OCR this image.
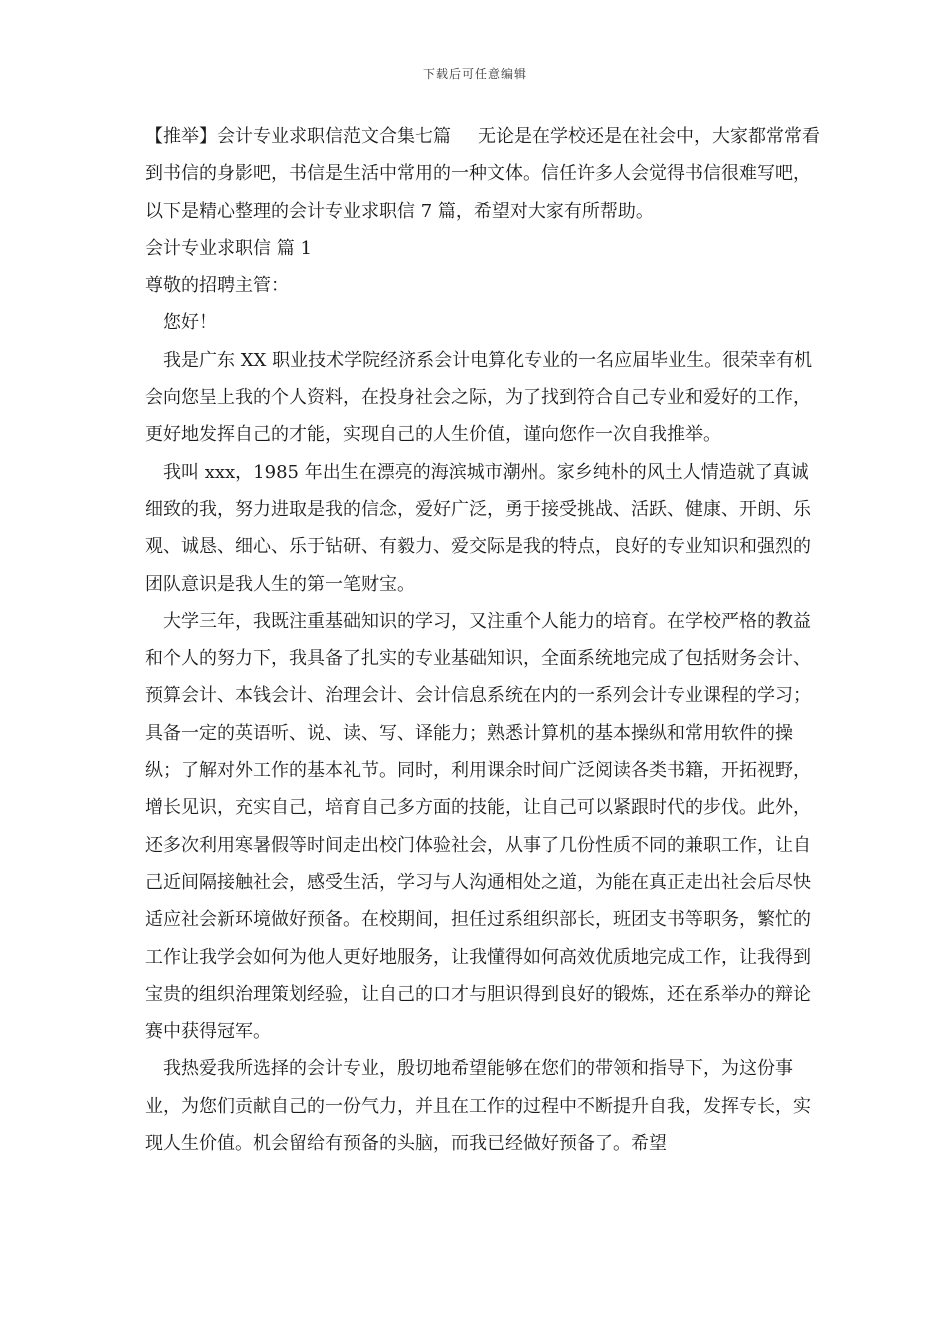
下载后可任意编辑

【推举】会计专业求职信范文合集七篇 无论是在学校还是在社会中，大家都常常看到书信的身影吧，书信是生活中常用的一种文体。信任许多人会觉得书信很难写吧，以下是精心整理的会计专业求职信 7 篇，希望对大家有所帮助。

会计专业求职信 篇 1

尊敬的招聘主管：

您好！

我是广东 XX 职业技术学院经济系会计电算化专业的一名应届毕业生。很荣幸有机会向您呈上我的个人资料，在投身社会之际，为了找到符合自己专业和爱好的工作，更好地发挥自己的才能，实现自己的人生价值，谨向您作一次自我推举。

我叫 xxx，1985 年出生在漂亮的海滨城市潮州。家乡纯朴的风土人情造就了真诚细致的我，努力进取是我的信念，爱好广泛，勇于接受挑战、活跃、健康、开朗、乐观、诚恳、细心、乐于钻研、有毅力、爱交际是我的特点，良好的专业知识和强烈的团队意识是我人生的第一笔财宝。

大学三年，我既注重基础知识的学习，又注重个人能力的培育。在学校严格的教益和个人的努力下，我具备了扎实的专业基础知识，全面系统地完成了包括财务会计、预算会计、本钱会计、治理会计、会计信息系统在内的一系列会计专业课程的学习；具备一定的英语听、说、读、写、译能力；熟悉计算机的基本操纵和常用软件的操纵；了解对外工作的基本礼节。同时，利用课余时间广泛阅读各类书籍，开拓视野，增长见识，充实自己，培育自己多方面的技能，让自己可以紧跟时代的步伐。此外，还多次利用寒暑假等时间走出校门体验社会，从事了几份性质不同的兼职工作，让自己近间隔接触社会，感受生活，学习与人沟通相处之道，为能在真正走出社会后尽快适应社会新环境做好预备。在校期间，担任过系组织部长，班团支书等职务，繁忙的工作让我学会如何为他人更好地服务，让我懂得如何高效优质地完成工作，让我得到宝贵的组织治理策划经验，让自己的口才与胆识得到良好的锻炼，还在系举办的辩论赛中获得冠军。

我热爱我所选择的会计专业，殷切地希望能够在您们的带领和指导下，为这份事业，为您们贡献自己的一份气力，并且在工作的过程中不断提升自我，发挥专长，实现人生价值。机会留给有预备的头脑，而我已经做好预备了。希望
